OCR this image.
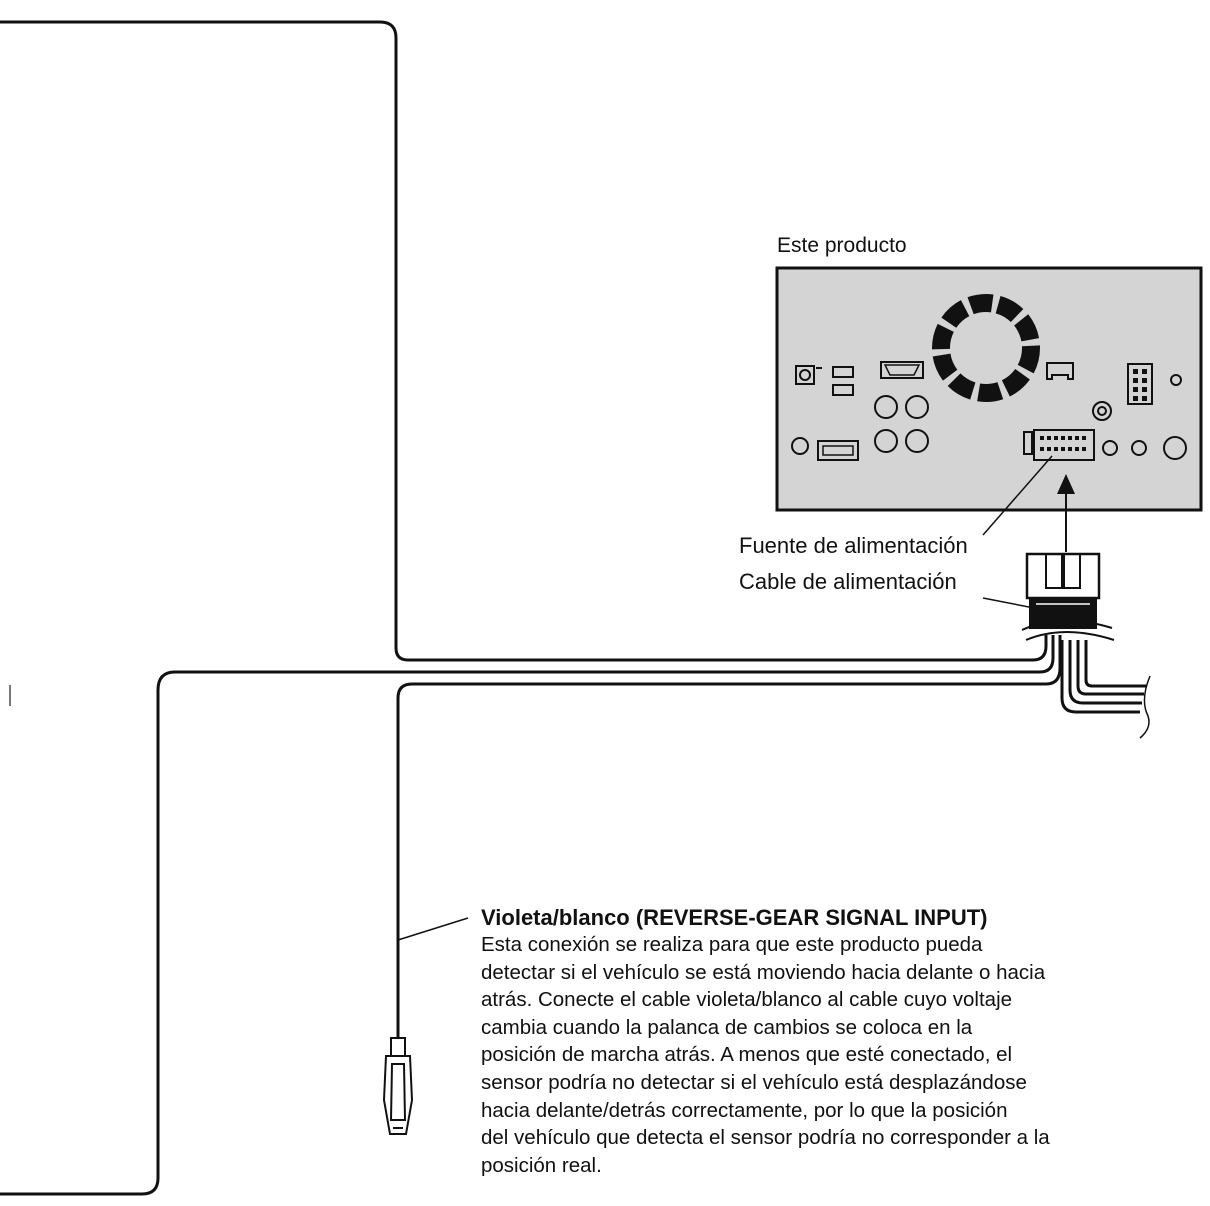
Este producto
Fuente de alimentación
Cable de alimentación
Violeta/blanco (REVERSE-GEAR SIGNAL INPUT)
Esta conexión se realiza para que este producto pueda
detectar si el vehículo se está moviendo hacia delante o hacia
atrás. Conecte el cable violeta/blanco al cable cuyo voltaje
cambia cuando la palanca de cambios se coloca en la
posición de marcha atrás. A menos que esté conectado, el
sensor podría no detectar si el vehículo está desplazándose
hacia delante/detrás correctamente, por lo que la posición
del vehículo que detecta el sensor podría no corresponder a la
posición real.
